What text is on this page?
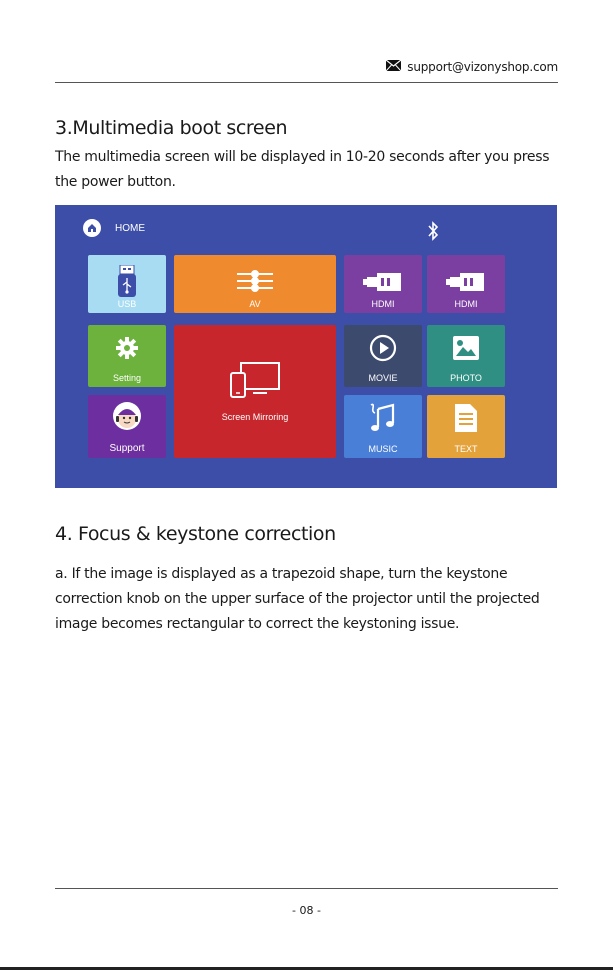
support@vizonyshop.com
3.Multimedia boot screen

The multimedia screen will be displayed in 10-20 seconds after you press the power button.

HOME
USB	AV	HDMI	HDMI
Setting
Screen Mirroring
MOVIE	PHOTO
Support	MUSIC	TEXT
4. Focus & keystone correction

a. If the image is displayed as a trapezoid shape, turn the keystone correction knob on the upper surface of the projector until the projected image becomes rectangular to correct the keystoning issue.

- 08 -
